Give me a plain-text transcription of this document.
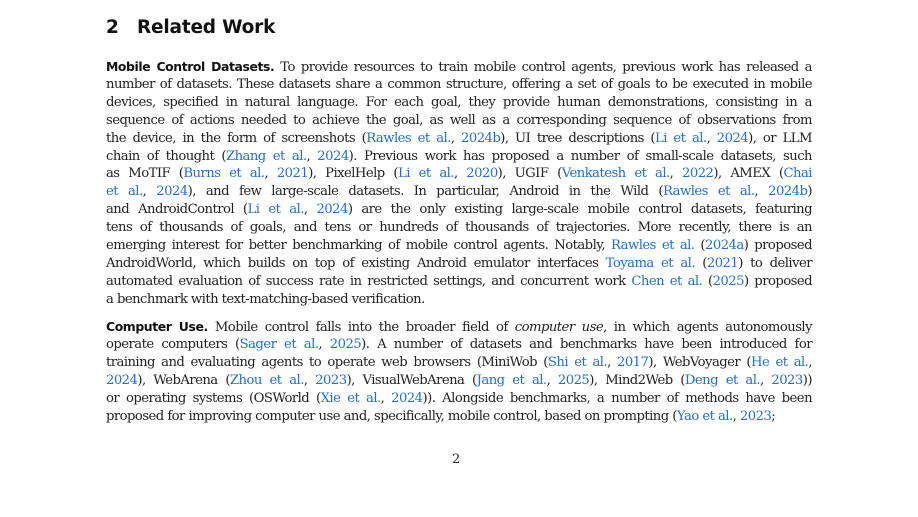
2 Related Work
Mobile Control Datasets. To provide resources to train mobile control agents, previous work has released a
number of datasets. These datasets share a common structure, offering a set of goals to be executed in mobile
devices, specified in natural language. For each goal, they provide human demonstrations, consisting in a
sequence of actions needed to achieve the goal, as well as a corresponding sequence of observations from
the device, in the form of screenshots (Rawles et al., 2024b), UI tree descriptions (Li et al., 2024), or LLM
chain of thought (Zhang et al., 2024). Previous work has proposed a number of small-scale datasets, such
as MoTIF (Burns et al., 2021), PixelHelp (Li et al., 2020), UGIF (Venkatesh et al., 2022), AMEX (Chai
et al., 2024), and few large-scale datasets. In particular, Android in the Wild (Rawles et al., 2024b)
and AndroidControl (Li et al., 2024) are the only existing large-scale mobile control datasets, featuring
tens of thousands of goals, and tens or hundreds of thousands of trajectories. More recently, there is an
emerging interest for better benchmarking of mobile control agents. Notably, Rawles et al. (2024a) proposed
AndroidWorld, which builds on top of existing Android emulator interfaces Toyama et al. (2021) to deliver
automated evaluation of success rate in restricted settings, and concurrent work Chen et al. (2025) proposed
a benchmark with text-matching-based verification.
Computer Use. Mobile control falls into the broader field of computer use, in which agents autonomously
operate computers (Sager et al., 2025). A number of datasets and benchmarks have been introduced for
training and evaluating agents to operate web browsers (MiniWob (Shi et al., 2017), WebVoyager (He et al.,
2024), WebArena (Zhou et al., 2023), VisualWebArena (Jang et al., 2025), Mind2Web (Deng et al., 2023))
or operating systems (OSWorld (Xie et al., 2024)). Alongside benchmarks, a number of methods have been
proposed for improving computer use and, specifically, mobile control, based on prompting (Yao et al., 2023;
2
